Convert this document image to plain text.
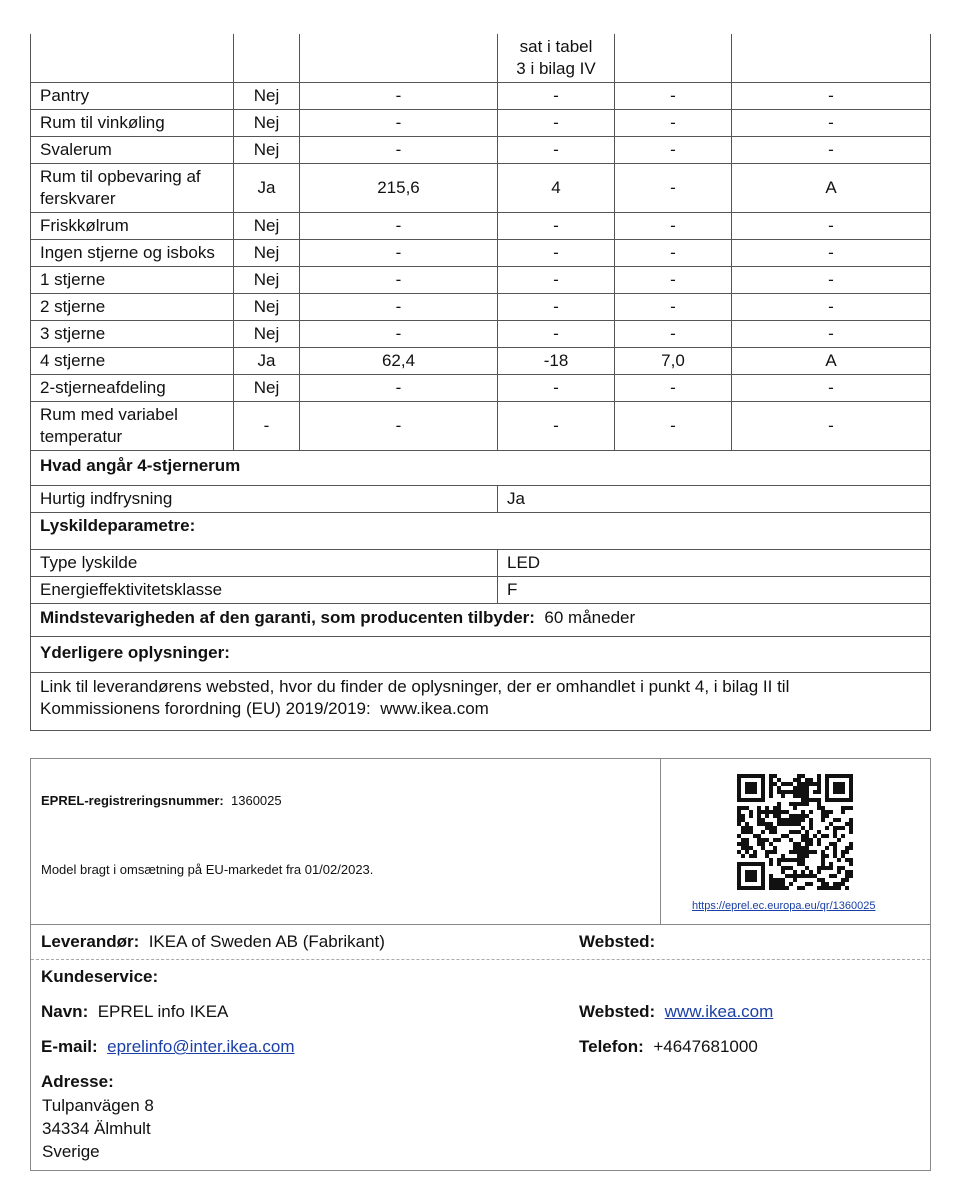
			sat i tabel
3 i bilag IV		

Pantry	Nej	-	-	-	-
Rum til vinkøling	Nej	-	-	-	-
Svalerum	Nej	-	-	-	-
Rum til opbevaring af ferskvarer	Ja	215,6	4	-	A
Friskkølrum	Nej	-	-	-	-
Ingen stjerne og isboks	Nej	-	-	-	-
1 stjerne	Nej	-	-	-	-
2 stjerne	Nej	-	-	-	-
3 stjerne	Nej	-	-	-	-
4 stjerne	Ja	62,4	-18	7,0	A
2-stjerneafdeling	Nej	-	-	-	-
Rum med variabel temperatur	-	-	-	-	-
Hvad angår 4-stjernerum					
Hurtig indfrysning			Ja		
Lyskildeparametre:					
Type lyskilde			LED		
Energieffektivitetsklasse			F		
Mindstevarigheden af den garanti, som producenten tilbyder: 60 måneder					
Yderligere oplysninger:					

Link til leverandørens websted, hvor du finder de oplysninger, der er omhandlet i punkt 4, i bilag II til
Kommissionens forordning (EU) 2019/2019: www.ikea.com					
EPREL-registreringsnummer: 1360025
Model bragt i omsætning på EU-markedet fra 01/02/2023.
https://eprel.ec.europa.eu/qr/1360025
Leverandør: IKEA of Sweden AB (Fabrikant)	Websted:
Kundeservice:
Navn: EPREL info IKEA	Websted: www.ikea.com
E-mail: eprelinfo@inter.ikea.com	Telefon: +4647681000
Adresse:
Tulpanvägen 8
34334 Älmhult
Sverige
